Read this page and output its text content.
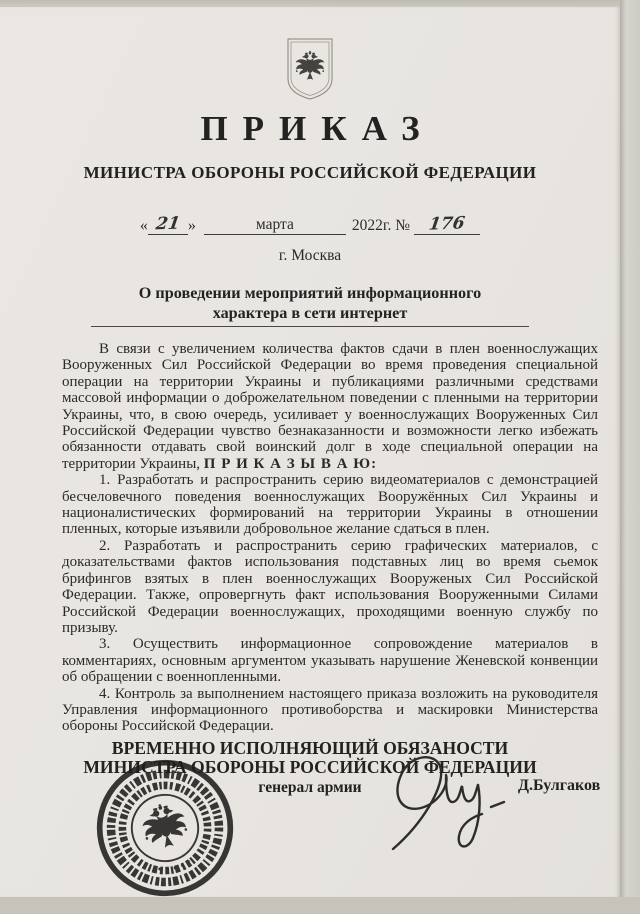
ПРИКАЗ
МИНИСТРА ОБОРОНЫ РОССИЙСКОЙ ФЕДЕРАЦИИ
« 21 »	марта	2022г. № 176
г. Москва
О проведении мероприятий информационного
характера в сети интернет

В связи с увеличением количества фактов сдачи в плен военнослужащих Вооруженных Сил Российской Федерации во время проведения специальной операции на территории Украины и публикациями различными средствами массовой информации о доброжелательном поведении с пленными на территории Украины, что, в свою очередь, усиливает у военнослужащих Вооруженных Сил Российской Федерации чувство безнаказанности и возможности легко избежать обязанности отдавать свой воинский долг в ходе специальной операции на территории Украины, П Р И К А З Ы В А Ю:

1. Разработать и распространить серию видеоматериалов с демонстрацией бесчеловечного поведения военнослужащих Вооружённых Сил Украины и националистических формирований на территории Украины в отношении пленных, которые изъявили добровольное желание сдаться в плен.

2. Разработать и распространить серию графических материалов, с доказательствами фактов использования подставных лиц во время сьемок брифингов взятых в плен военнослужащих Вооруженых Сил Российской Федерации. Также, опровергнуть факт использования Вооруженными Силами Российской Федерации военнослужащих, проходящими военную службу по призыву.

3. Осуществить информационное сопровождение материалов в комментариях, основным аргументом указывать нарушение Женевской конвенции об обращении с военнопленными.

4. Контроль за выполнением настоящего приказа возложить на руководителя Управления информационного противоборства и маскировки Министерства обороны Российской Федерации.

ВРЕМЕННО ИСПОЛНЯЮЩИЙ ОБЯЗАНОСТИ
МИНИСТРА ОБОРОНЫ РОССИЙСКОЙ ФЕДЕРАЦИИ
генерал армии	Д.Булгаков
